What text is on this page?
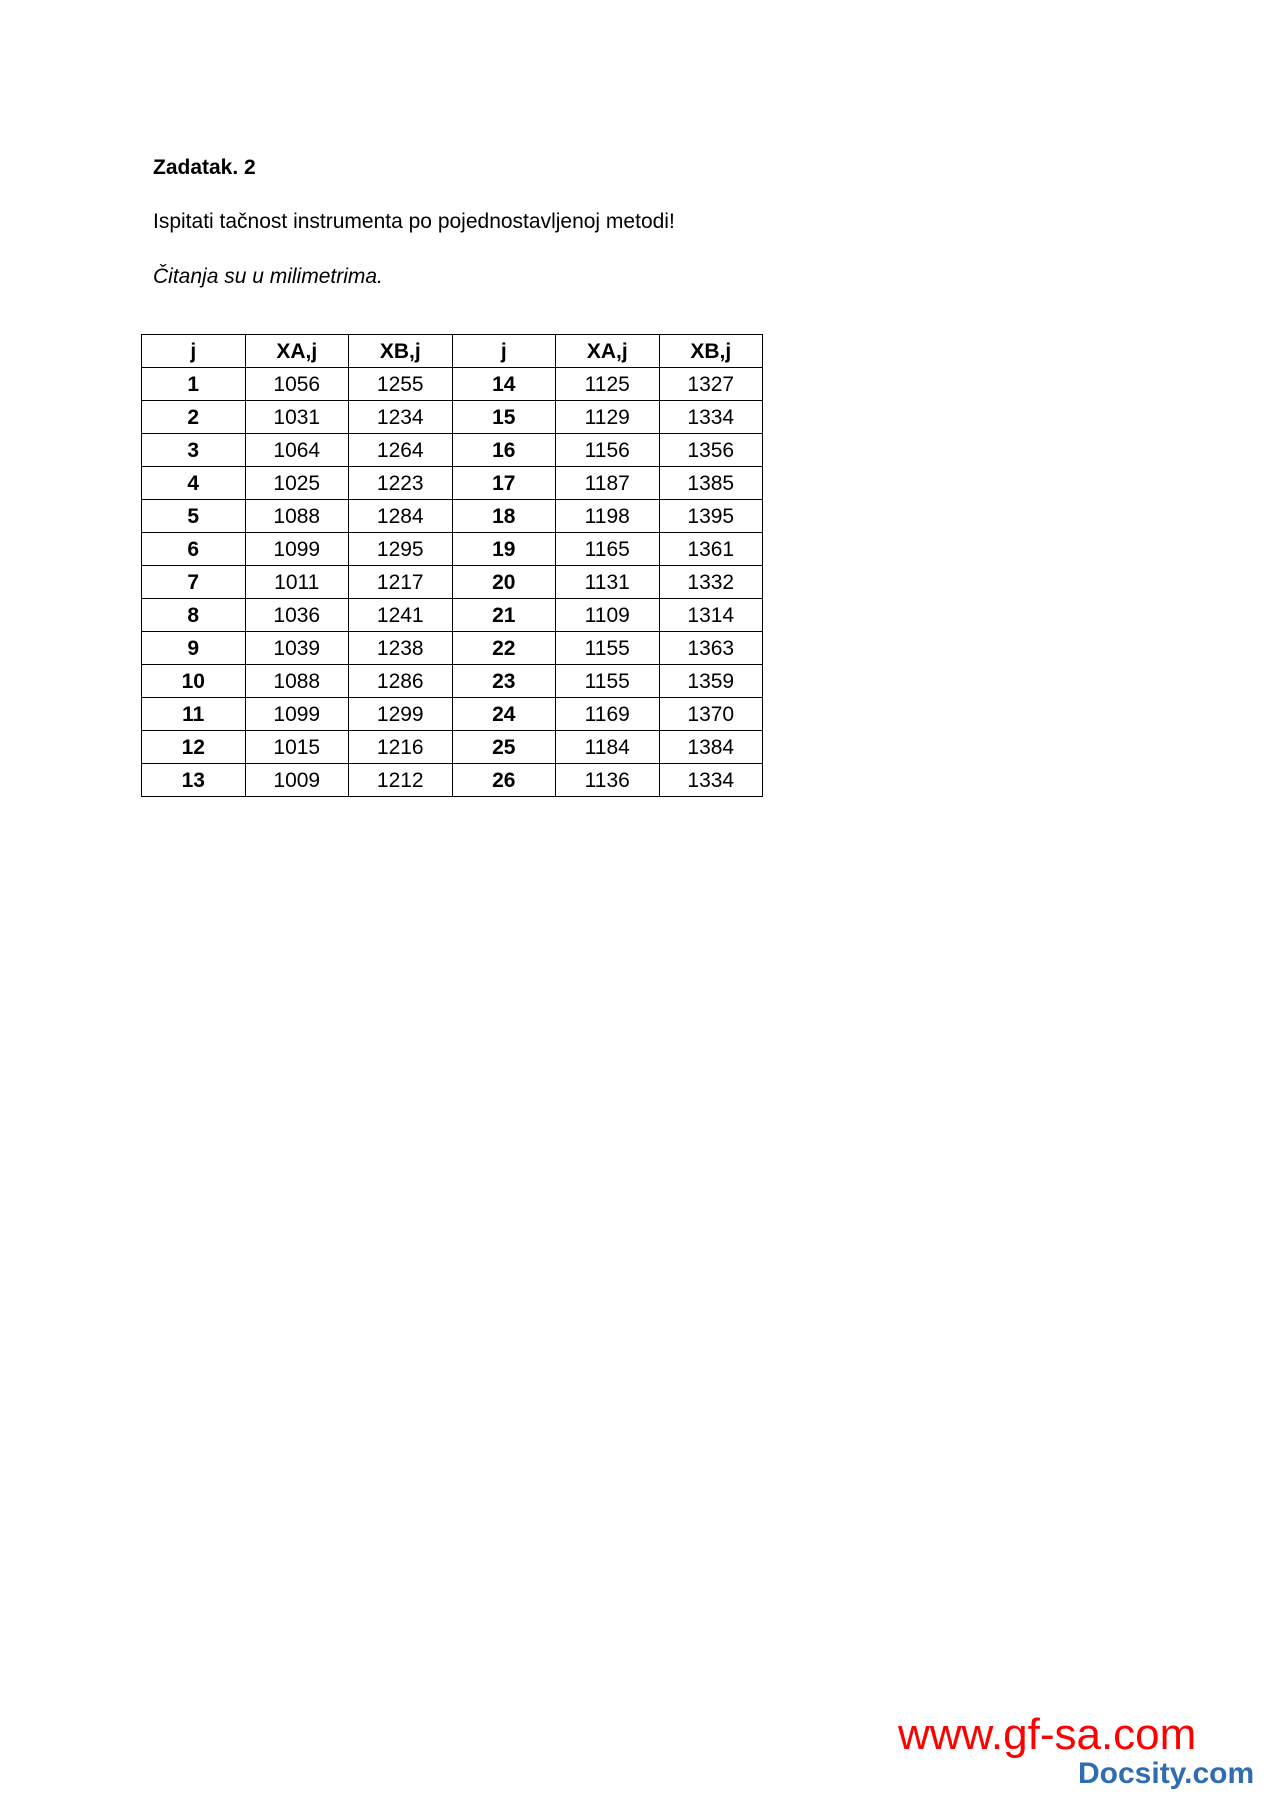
Zadatak. 2
Ispitati tačnost instrumenta po pojednostavljenoj metodi!
Čitanja su u milimetrima.
j	XA,j	XB,j	j	XA,j	XB,j
1	1056	1255	14	1125	1327
2	1031	1234	15	1129	1334
3	1064	1264	16	1156	1356
4	1025	1223	17	1187	1385
5	1088	1284	18	1198	1395
6	1099	1295	19	1165	1361
7	1011	1217	20	1131	1332
8	1036	1241	21	1109	1314
9	1039	1238	22	1155	1363
10	1088	1286	23	1155	1359
11	1099	1299	24	1169	1370
12	1015	1216	25	1184	1384
13	1009	1212	26	1136	1334
www.gf-sa.com
Docsity.com
